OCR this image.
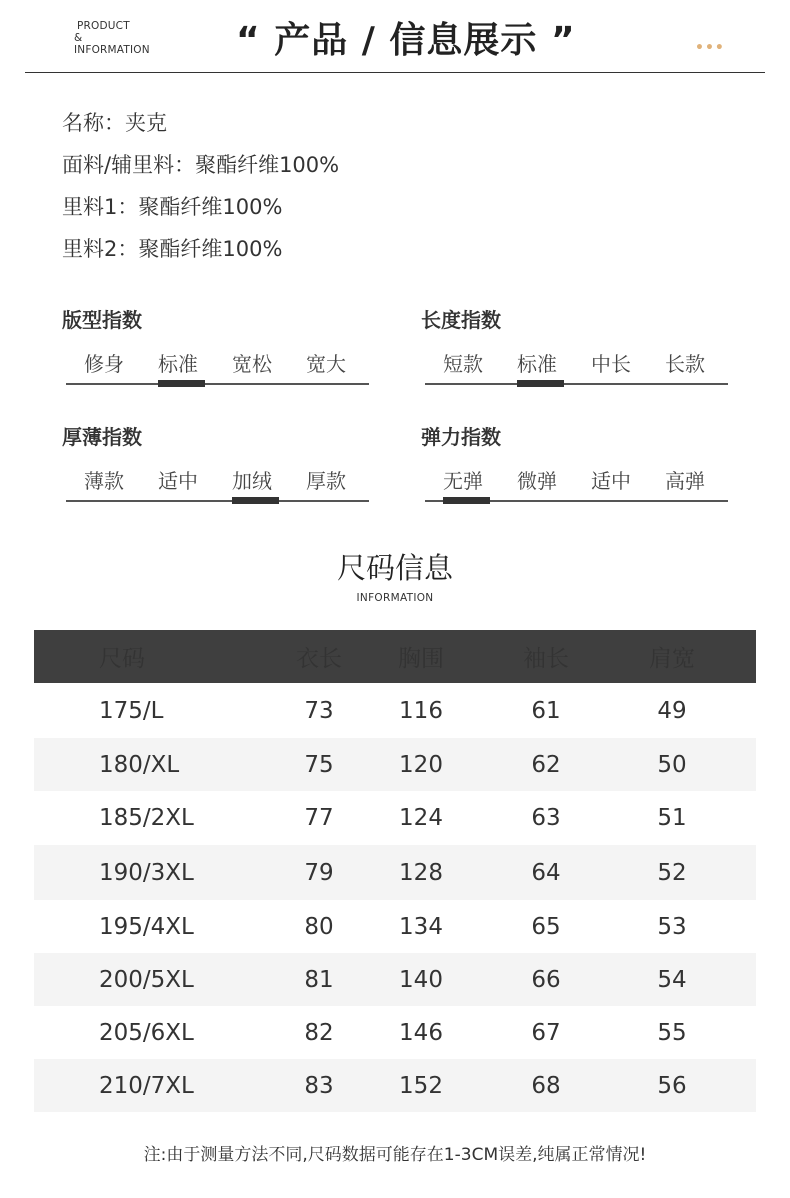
PRODUCT
&
INFORMATION “ 产品 / 信息展示 ”	•••
名称：夹克
面料/辅里料：聚酯纤维100%
里料1：聚酯纤维100%
里料2：聚酯纤维100%
版型指数
修身	标准	宽松	宽大
长度指数
短款	标准	中长	长款
厚薄指数
薄款	适中	加绒	厚款
弹力指数
无弹	微弹	适中	高弹
尺码信息
INFORMATION
尺码	衣长	胸围	袖长	肩宽
175/L	73	116	61	49
180/XL	75	120	62	50
185/2XL	77	124	63	51
190/3XL	79	128	64	52
195/4XL	80	134	65	53
200/5XL	81	140	66	54
205/6XL	82	146	67	55
210/7XL	83	152	68	56
注:由于测量方法不同,尺码数据可能存在1-3CM误差,纯属正常情况!
